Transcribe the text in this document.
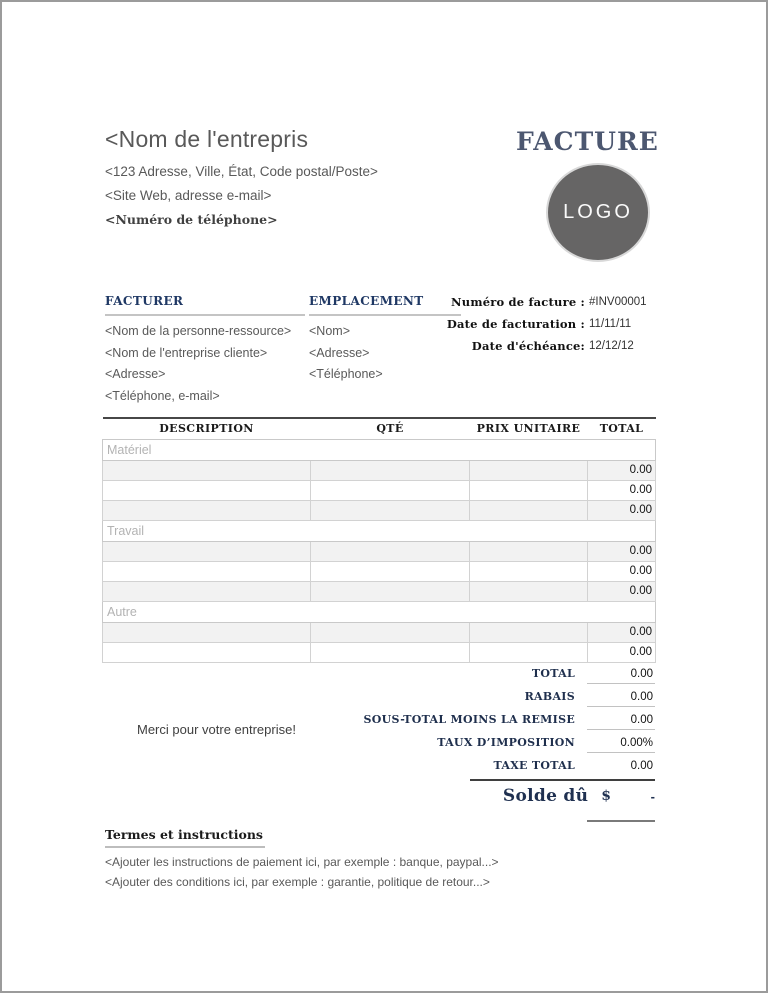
<Nom de l'entrepris
<123 Adresse, Ville, État, Code postal/Poste>
<Site Web, adresse e-mail>
<Numéro de téléphone>
FACTURE
LOGO
FACTURER
<Nom de la personne-ressource>
<Nom de l'entreprise cliente>
<Adresse>
<Téléphone, e-mail>
EMPLACEMENT
<Nom>
<Adresse>
<Téléphone>
Numéro de facture : #INV00001
Date de facturation : 11/11/11
Date d'échéance: 12/12/12
DESCRIPTION	QTÉ	PRIX UNITAIRE	TOTAL
Matériel			
			0.00
			0.00
			0.00
Travail			
			0.00
			0.00
			0.00
Autre			
			0.00
			0.00
TOTAL	0.00
RABAIS	0.00
SOUS-TOTAL MOINS LA REMISE	0.00
TAUX D’IMPOSITION	0.00%
TAXE TOTAL	0.00
Merci pour votre entreprise!
Solde dû $	-
Termes et instructions
<Ajouter les instructions de paiement ici, par exemple : banque, paypal...>
<Ajouter des conditions ici, par exemple : garantie, politique de retour...>
